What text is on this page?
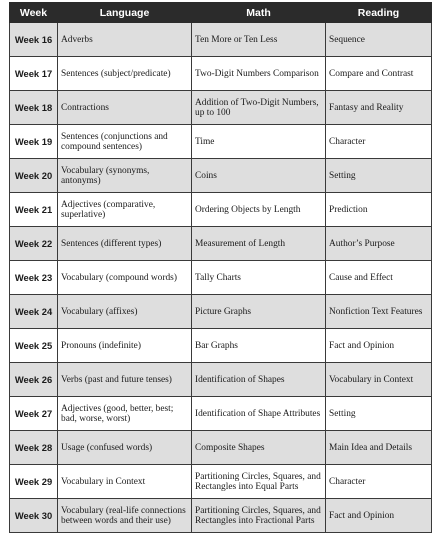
Week	Language	Math	Reading
Week 16	Adverbs	Ten More or Ten Less	Sequence
Week 17	Sentences (subject/predicate)	Two-Digit Numbers Comparison	Compare and Contrast
Week 18	Contractions	Addition of Two-Digit Numbers, up to 100	Fantasy and Reality
Week 19	Sentences (conjunctions and compound sentences)	Time	Character
Week 20	Vocabulary (synonyms, antonyms)	Coins	Setting
Week 21	Adjectives (comparative, superlative)	Ordering Objects by Length	Prediction
Week 22	Sentences (different types)	Measurement of Length	Author’s Purpose
Week 23	Vocabulary (compound words)	Tally Charts	Cause and Effect
Week 24	Vocabulary (affixes)	Picture Graphs	Nonfiction Text Features
Week 25	Pronouns (indefinite)	Bar Graphs	Fact and Opinion
Week 26	Verbs (past and future tenses)	Identification of Shapes	Vocabulary in Context
Week 27	Adjectives (good, better, best; bad, worse, worst)	Identification of Shape Attributes	Setting
Week 28	Usage (confused words)	Composite Shapes	Main Idea and Details
Week 29	Vocabulary in Context	Partitioning Circles, Squares, and Rectangles into Equal Parts	Character
Week 30	Vocabulary (real-life connections between words and their use)	Partitioning Circles, Squares, and Rectangles into Fractional Parts	Fact and Opinion
